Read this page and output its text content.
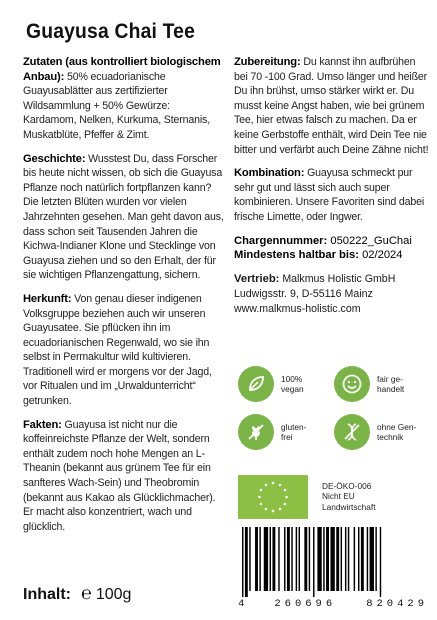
Guayusa Chai Tee

Zutaten (aus kontrolliert biologischem Anbau): 50% ecuadorianische Guayusablätter aus zertifizierter Wildsammlung + 50% Gewürze: Kardamom, Nelken, Kurkuma, Sternanis, Muskatblüte, Pfeffer & Zimt.

Geschichte: Wusstest Du, dass Forscher bis heute nicht wissen, ob sich die Guayusa Pflanze noch natürlich fortpflanzen kann? Die letzten Blüten wurden vor vielen Jahrzehnten gesehen. Man geht davon aus, dass schon seit Tausenden Jahren die Kichwa-Indianer Klone und Stecklinge von Guayusa ziehen und so den Erhalt, der für sie wichtigen Pflanzengattung, sichern.

Herkunft: Von genau dieser indigenen Volksgruppe beziehen auch wir unseren Guayusatee. Sie pflücken ihn im ecuadorianischen Regenwald, wo sie ihn selbst in Permakultur wild kultivieren. Traditionell wird er morgens vor der Jagd, vor Ritualen und im „Urwaldunterricht“ getrunken.

Fakten: Guayusa ist nicht nur die koffeinreichste Pflanze der Welt, sondern enthält zudem noch hohe Mengen an L-Theanin (bekannt aus grünem Tee für ein sanfteres Wach-Sein) und Theobromin (bekannt aus Kakao als Glücklichmacher). Er macht also konzentriert, wach und glücklich.

Zubereitung: Du kannst ihn aufbrühen bei 70 -100 Grad. Umso länger und heißer Du ihn brühst, umso stärker wirkt er. Du musst keine Angst haben, wie bei grünem Tee, hier etwas falsch zu machen. Da er keine Gerbstoffe enthält, wird Dein Tee nie bitter und verfärbt auch Deine Zähne nicht!

Kombination: Guayusa schmeckt pur sehr gut und lässt sich auch super kombinieren. Unsere Favoriten sind dabei frische Limette, oder Ingwer.

Chargennummer: 050222_GuChai
Mindestens haltbar bis: 02/2024

Vertrieb: Malkmus Holistic GmbH Ludwigsstr. 9, D-55116 Mainz www.malkmus-holistic.com

100%
vegan
fair ge-
handelt
gluten-
frei
ohne Gen-
technik
DE-ÖKO-006
Nicht EU
Landwirtschaft
4	260696	820429
Inhalt: ℮ 100g
